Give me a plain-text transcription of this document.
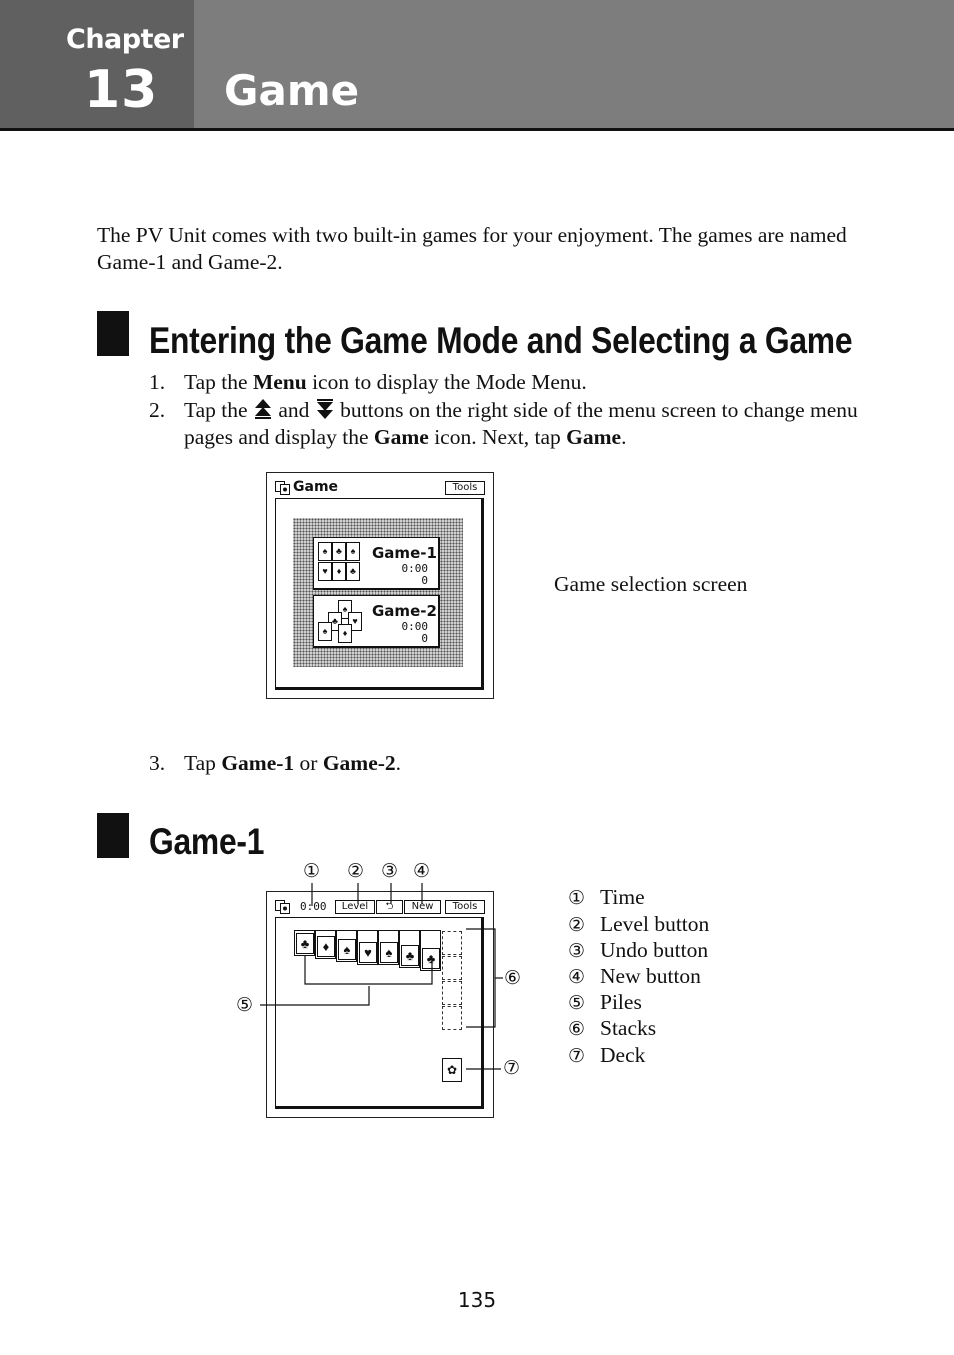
Chapter
13 Game
The PV Unit comes with two built-in games for your enjoyment. The games are named Game-1 and Game-2.
Entering the Game Mode and Selecting a Game
1. Tap the Menu icon to display the Mode Menu.
2. Tap the  and  buttons on the right side of the menu screen to change menu pages and display the Game icon. Next, tap Game.
Game	Tools
♠ ♣ ♠
♥	♦ ♣
Game-1
0:00
0
♠
♣	♥
♠	♦
Game-2
0:00
0
Game selection screen
3. Tap Game-1 or Game-2.
Game-1
① ② ③ ④
⑤
⑥
⑦
0:00	Level	⮌	New	Tools
♣	♦	♠	♥	♠	♣ ♣
✿
① Time
② Level button
③ Undo button
④ New button
⑤ Piles
⑥ Stacks
⑦ Deck
135
